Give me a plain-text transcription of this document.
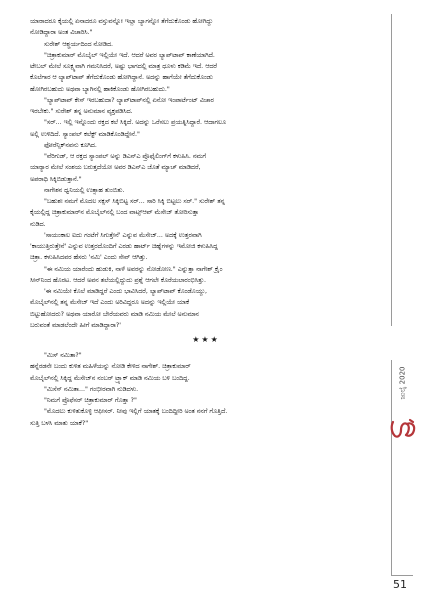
ಯಾರಾದರೂ ಕೈಯಲ್ಲಿ ಏನಾದರೂ ವಸ್ತುವನ್ನೋ ಇಲ್ಲಾ ಬ್ಯಾಗನ್ನೋ ತೆಗೆದುಕೊಂಡು ಹೋಗಿದ್ದು

ನೋಡಿದ್ದಾರಾ ಅಂತ ವಿಚಾರಿಸಿ."

ಸುರೇಶ್ ಆಶ್ಚರ್ಯದಿಂದ ನೋಡಿದ.

"ಚಿತ್ರಾಕುಮಾರ್ ಮೊಬೈಲ್ ಇಲ್ಲಿಯೇ ಇದೆ. ಆದರೆ ಅವರ ಲ್ಯಾಪ್‌ಟಾಪ್ ಕಾಣೆಯಾಗಿದೆ.

ಟೇಬಲ್ ಮೇಲೆ ಸೂಕ್ಷ್ಮವಾಗಿ ಗಮನಿಸಿದರೆ, ಅಷ್ಟು ಭಾಗದಲ್ಲಿ ಮಾತ್ರ ಧೂಳು ಕಡಿಮೆ ಇದೆ. ಆದರೆ

ಕೊಲೆಗಾರ ಆ ಲ್ಯಾಪ್‌ಟಾಪ್ ತೆಗೆದುಕೊಂಡು ಹೋಗಿದ್ದಾನೆ. ಅದನ್ನು ಹಾಗೆಯೇ ತೆಗೆದುಕೊಂಡು

ಹೋಗಿರಬಹುದು ಅಥವಾ ಬ್ಯಾಗಿನಲ್ಲಿ ಹಾಕಿಕೊಂಡು ಹೋಗಿರಬಹುದು."

"ಲ್ಯಾಪ್‌ಟಾಪ್ ಕೇಸ್ ಇರಬಹುದಾ? ಲ್ಯಾಪ್‌ಟಾಪ್‌ನಲ್ಲಿ ಏನೋ ಇಂಪಾರ್ಟೆಂಟ್ ವಿಚಾರ

ಇರಬೇಕು." ಸುರೇಶ್ ತನ್ನ ಅನುಮಾನ ವ್ಯಕ್ತಪಡಿಸಿದ.

"ಸರ್... ಇಲ್ಲಿ ಇನ್ನೊಂದು ರಕ್ತದ ಕಲೆ ಸಿಕ್ಕಿದೆ. ಅದನ್ನು ಒರೆಸಲು ಪ್ರಯತ್ನಿಸಿದ್ದಾರೆ. ಆದಾಗಲೂ

ಅಲ್ಲಿ ಉಳಿದಿದೆ. ಸ್ಯಾಂಪಲ್ ಕಲೆಕ್ಟ್ ಮಾಡಿಕೊಂಡಿದ್ದೇನೆ."

ಫೋರೆನ್ಸಿಕ್‌ನವನು ಕೂಗಿದ.

"ವೆರಿಗುಡ್, ಆ ರಕ್ತದ ಸ್ಯಾಂಪಲ್ ಅನ್ನು ಡಿಎನ್‌ಎ ಪ್ರೊಫೈಲಿಂಗ್‌ಗೆ ಕಳುಹಿಸಿ. ನಮಗೆ

ಯಾರ್‍ಯಾರ ಮೇಲೆ ಸಂಶಯ ಬರುತ್ತದೆಯೋ ಅವರ ಡಿಎನ್‌ಎ ಜೊತೆ ಮ್ಯಾಚ್ ಮಾಡಿದರೆ,

ಅಪರಾಧಿ ಸಿಕ್ಕಿಬಿಡುತ್ತಾನೆ."

ನಾಗೇಶನ ಧ್ವನಿಯಲ್ಲಿ ಉತ್ಸಾಹ ತುಂಬಿತು.

"ಬಹುಶಃ ನಮಗೆ ಮೊದಲ ಸಕ್ಸಸ್ ಸಿಕ್ಕಿಬಿಟ್ಟ ಸರ್... ಸಾರಿ ಸಿಕ್ಕಿ ಬಿಟ್ಟಲು ಸರ್." ಸುರೇಶ್ ತನ್ನ

ಕೈಯಲ್ಲಿದ್ದ ಚಿತ್ರಾಕುಮಾರ್‌ನ ಮೊಬೈಲ್‌ನಲ್ಲಿ ಬಂದ ವಾಟ್ಸ್‌ಆಪ್ ಮೆಸೇಜ್ ತೋರಿಸುತ್ತಾ

ನುಡಿದ.

'ಸಾಯಂಕಾಲ ಐದು ಗಂಟೆಗೆ ಸಿಗುತ್ತೇನೆ' ಎನ್ನುವ ಮೆಸೇಜ್... ಅದಕ್ಕೆ ಉತ್ತರವಾಗಿ

'ಕಾಯುತ್ತಿರುತ್ತೇನೆ' ಎನ್ನುವ ಉತ್ತರದೊಂದಿಗೆ ಎರಡು ಹಾರ್ಟ್ ಚಿಹ್ನೆಗಳನ್ನು ಇಮೋಜಿ ಕಳುಹಿಸಿದ್ದ

ಚಿತ್ರಾ. ಕಳುಹಿಸಿದವರ ಹೆಸರು 'ನಮಿ' ಎಂದು ಸೇವ್ ಆಗಿತ್ತು.

"ಈ ನಮಿಯ ಯಾರೆಂದು ಹುಡುಕಿ, ನಾಳೆ ಅವರನ್ನು ನೋಡೋಣ." ಎನ್ನುತ್ತಾ ನಾಗೇಶ್ ಕ್ರೈಂ

ಸೀನ್‌ನಿಂದ ಹೊರಟ. ಆದರೆ ಅವನ ತಲೆಯಲ್ಲಿದ್ದುದು ಪ್ರಶ್ನೆ ಆಗಲೇ ಕೊರೆಯಲಾರಂಭಿಸಿತ್ತು.

'ಈ ನಮಿಯೇ ಕೊಲೆ ಮಾಡಿದ್ದರೆ ಎಂದು ಭಾವಿಸಿದರೆ, ಲ್ಯಾಪ್‌ಟಾಪ್ ಕೊಂಡೊಯ್ದು,

ಮೊಬೈಲ್‌ನಲ್ಲಿ ತನ್ನ ಮೆಸೇಜ್ ಇದೆ ಎಂದು ಅರಿವಿದ್ದರೂ ಅದನ್ನು ಇಲ್ಲಿಯೇ ಯಾಕೆ

ಬಿಟ್ಟುಹೋದರು? ಅಥವಾ ಯಾರೋ ಬೇರೆಯವರು ಮಾಡಿ ನಮಿಯ ಮೇಲೆ ಅನುಮಾನ

ಬರುವಂತೆ ಮಾಡಲೆಂದೇ ಹೀಗೆ ಮಾಡಿದ್ದಾರಾ?'

★★★

"ಮಿಸ್ ನಮಿತಾ?"

ಹನ್ನೆರಡನೇ ಬಂದು ಕುಳಿತ ಮಹಿಳೆಯನ್ನು ನೋಡಿ ಕೇಳಿದ ನಾಗೇಶ್. ಚಿತ್ರಾಕುಮಾರ್

ಮೊಬೈಲ್‌ನಲ್ಲಿ ಸಿಕ್ಕಿದ್ದ ಮೆಸೇಜ್‌ನ ನಂಬರ್ ಟ್ರ್ಯಾಕ್ ಮಾಡಿ ನಮಿಯ ಬಳಿ ಬಂದಿದ್ದ.

"ಮಿಸೆಸ್ ನಮಿತಾ..." ಗಂಭೀರವಾಗಿ ನುಡಿದಳು.

"ನಿಮಗೆ ಪ್ರೊಫೆಸರ್ ಚಿತ್ರಾಕುಮಾರ್ ಗೊತ್ತಾ ?"

"ಮೊದಲು ಕುಳಿತುಕೊಳ್ಳಿ ಆಫೀಸರ್. ನೀವು ಇಲ್ಲಿಗೆ ಯಾತಕ್ಕೆ ಬಂದಿದ್ದೀರಿ ಅಂತ ನನಗೆ ಗೊತ್ತಿದೆ.

ಸುತ್ತಿ ಬಳಸಿ ಮಾತು ಯಾಕೆ?"

ಜುಲೈ 2020
51
